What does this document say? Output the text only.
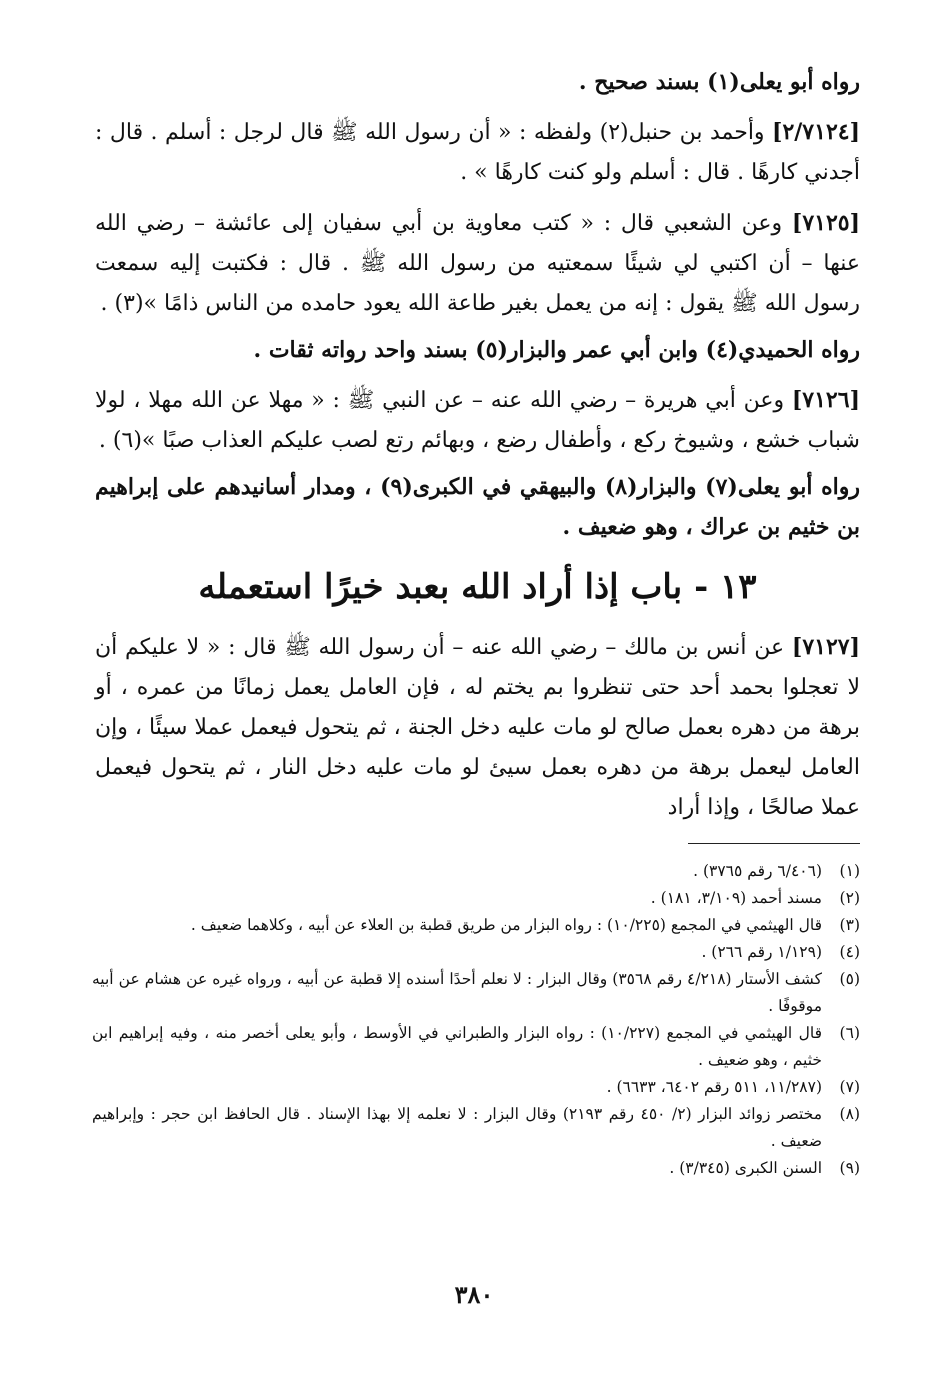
رواه أبو يعلى(١) بسند صحيح .

[٢/٧١٢٤] وأحمد بن حنبل(٢) ولفظه : « أن رسول الله ﷺ قال لرجل : أسلم . قال : أجدني كارهًا . قال : أسلم ولو كنت كارهًا » .

[٧١٢٥] وعن الشعبي قال : « كتب معاوية بن أبي سفيان إلى عائشة – رضي الله عنها – أن اكتبي لي شيئًا سمعتيه من رسول الله ﷺ . قال : فكتبت إليه سمعت رسول الله ﷺ يقول : إنه من يعمل بغير طاعة الله يعود حامده من الناس ذامًا »(٣) .

رواه الحميدي(٤) وابن أبي عمر والبزار(٥) بسند واحد رواته ثقات .

[٧١٢٦] وعن أبي هريرة – رضي الله عنه – عن النبي ﷺ : « مهلا عن الله مهلا ، لولا شباب خشع ، وشيوخ ركع ، وأطفال رضع ، وبهائم رتع لصب عليكم العذاب صبًا »(٦) .

رواه أبو يعلى(٧) والبزار(٨) والبيهقي في الكبرى(٩) ، ومدار أسانيدهم على إبراهيم بن خثيم بن عراك ، وهو ضعيف .

١٣ - باب إذا أراد الله بعبد خيرًا استعمله

[٧١٢٧] عن أنس بن مالك – رضي الله عنه – أن رسول الله ﷺ قال : « لا عليكم أن لا تعجلوا بحمد أحد حتى تنظروا بم يختم له ، فإن العامل يعمل زمانًا من عمره ، أو برهة من دهره بعمل صالح لو مات عليه دخل الجنة ، ثم يتحول فيعمل عملا سيئًا ، وإن العامل ليعمل برهة من دهره بعمل سيئ لو مات عليه دخل النار ، ثم يتحول فيعمل عملا صالحًا ، وإذا أراد

(١)
(٦/٤٠٦ رقم ٣٧٦٥) .
(٢)
مسند أحمد (٣/١٠٩، ١٨١) .
(٣)
قال الهيثمي في المجمع (١٠/٢٢٥) : رواه البزار من طريق قطبة بن العلاء عن أبيه ، وكلاهما ضعيف .
(٤)
(١/١٢٩ رقم ٢٦٦) .
(٥)
كشف الأستار (٤/٢١٨ رقم ٣٥٦٨) وقال البزار : لا نعلم أحدًا أسنده إلا قطبة عن أبيه ، ورواه غيره عن هشام عن أبيه موقوفًا .
(٦)
قال الهيثمي في المجمع (١٠/٢٢٧) : رواه البزار والطبراني في الأوسط ، وأبو يعلى أخصر منه ، وفيه إبراهيم ابن خثيم ، وهو ضعيف .
(٧)
(١١/٢٨٧، ٥١١ رقم ٦٤٠٢، ٦٦٣٣) .
(٨)
مختصر زوائد البزار (٢/ ٤٥٠ رقم ٢١٩٣) وقال البزار : لا نعلمه إلا بهذا الإسناد . قال الحافظ ابن حجر : وإبراهيم ضعيف .
(٩)
السنن الكبرى (٣/٣٤٥) .
٣٨٠
